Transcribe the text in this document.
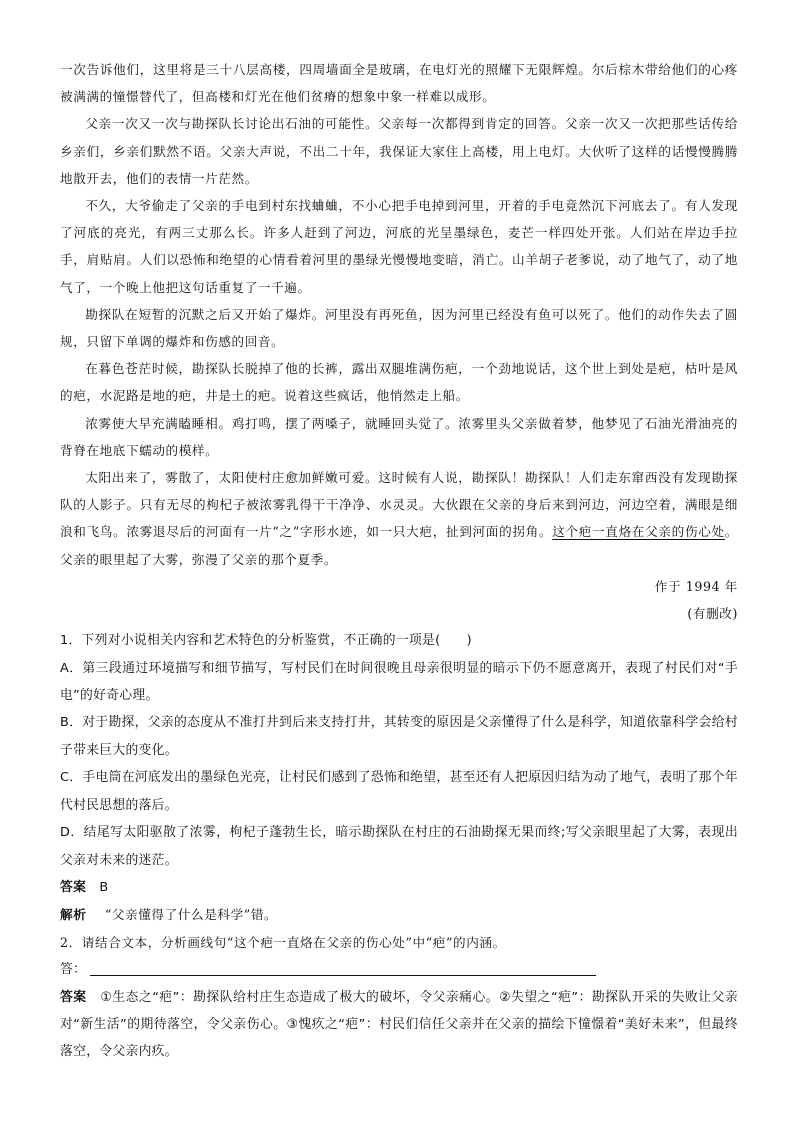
一次告诉他们，这里将是三十八层高楼，四周墙面全是玻璃，在电灯光的照耀下无限辉煌。尔后棕木带给他们的心疼被满满的憧憬替代了，但高楼和灯光在他们贫瘠的想象中象一样难以成形。

父亲一次又一次与勘探队长讨论出石油的可能性。父亲每一次都得到肯定的回答。父亲一次又一次把那些话传给乡亲们，乡亲们默然不语。父亲大声说，不出二十年，我保证大家住上高楼，用上电灯。大伙听了这样的话慢慢腾腾地散开去，他们的表情一片茫然。

不久，大爷偷走了父亲的手电到村东找蛐蛐，不小心把手电掉到河里，开着的手电竟然沉下河底去了。有人发现了河底的亮光，有两三丈那么长。许多人赶到了河边，河底的光呈墨绿色，麦芒一样四处开张。人们站在岸边手拉手，肩贴肩。人们以恐怖和绝望的心情看着河里的墨绿光慢慢地变暗，消亡。山羊胡子老爹说，动了地气了，动了地气了，一个晚上他把这句话重复了一千遍。

勘探队在短暂的沉默之后又开始了爆炸。河里没有再死鱼，因为河里已经没有鱼可以死了。他们的动作失去了圆规，只留下单调的爆炸和伤感的回音。

在暮色苍茫时候，勘探队长脱掉了他的长裤，露出双腿堆满伤疤，一个劲地说话，这个世上到处是疤，枯叶是风的疤，水泥路是地的疤，井是土的疤。说着这些疯话，他悄然走上船。

浓雾使大早充满瞌睡相。鸡打鸣，摆了两嗓子，就睡回头觉了。浓雾里头父亲做着梦，他梦见了石油光滑油亮的背脊在地底下蠕动的模样。

太阳出来了，雾散了，太阳使村庄愈加鲜嫩可爱。这时候有人说，勘探队！勘探队！人们走东窜西没有发现勘探队的人影子。只有无尽的枸杞子被浓雾乳得干干净净、水灵灵。大伙跟在父亲的身后来到河边，河边空着，满眼是细浪和飞鸟。浓雾退尽后的河面有一片“之”字形水迹，如一只大疤，扯到河面的拐角。这个疤一直烙在父亲的伤心处。父亲的眼里起了大雾，弥漫了父亲的那个夏季。

作于 1994 年

(有删改)

1．下列对小说相关内容和艺术特色的分析鉴赏，不正确的一项是(　　)

A．第三段通过环境描写和细节描写，写村民们在时间很晚且母亲很明显的暗示下仍不愿意离开，表现了村民们对“手电”的好奇心理。

B．对于勘探，父亲的态度从不准打井到后来支持打井，其转变的原因是父亲懂得了什么是科学，知道依靠科学会给村子带来巨大的变化。

C．手电筒在河底发出的墨绿色光亮，让村民们感到了恐怖和绝望，甚至还有人把原因归结为动了地气，表明了那个年代村民思想的落后。

D．结尾写太阳驱散了浓雾，枸杞子蓬勃生长，暗示勘探队在村庄的石油勘探无果而终;写父亲眼里起了大雾，表现出父亲对未来的迷茫。

答案 B

解析 “父亲懂得了什么是科学”错。

2．请结合文本，分析画线句“这个疤一直烙在父亲的伤心处”中“疤”的内涵。

答：

答案 ①生态之“疤”：勘探队给村庄生态造成了极大的破坏，令父亲痛心。②失望之“疤”：勘探队开采的失败让父亲对“新生活”的期待落空，令父亲伤心。③愧疚之“疤”：村民们信任父亲并在父亲的描绘下憧憬着“美好未来”，但最终落空，令父亲内疚。
